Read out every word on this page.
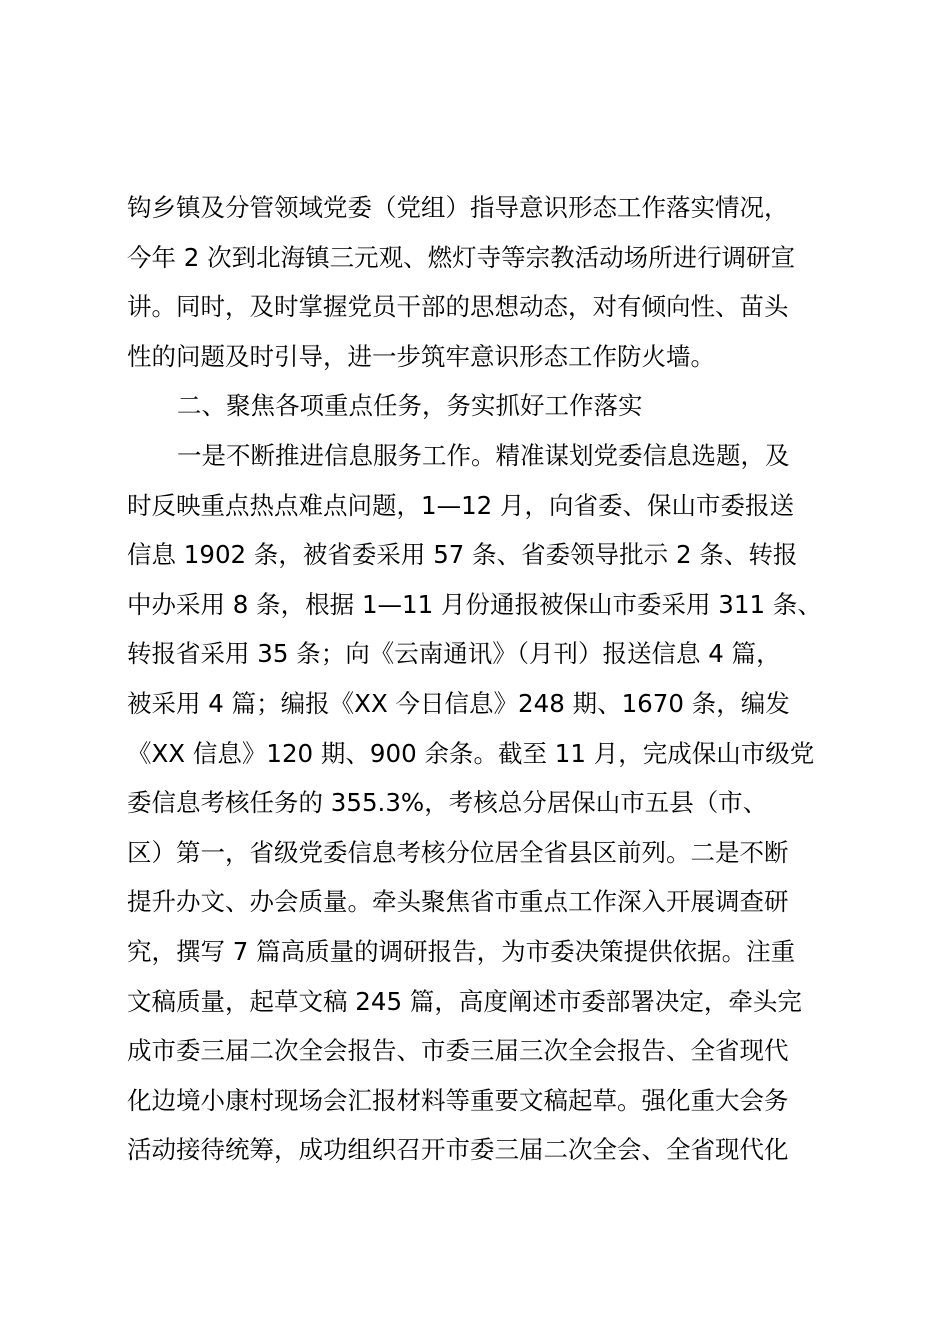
钩乡镇及分管领域党委（党组）指导意识形态工作落实情况，
今年 2 次到北海镇三元观、燃灯寺等宗教活动场所进行调研宣
讲。同时，及时掌握党员干部的思想动态，对有倾向性、苗头
性的问题及时引导，进一步筑牢意识形态工作防火墙。
二、聚焦各项重点任务，务实抓好工作落实
一是不断推进信息服务工作。精准谋划党委信息选题，及
时反映重点热点难点问题，1—12 月，向省委、保山市委报送
信息 1902 条，被省委采用 57 条、省委领导批示 2 条、转报
中办采用 8 条，根据 1—11 月份通报被保山市委采用 311 条、
转报省采用 35 条；向《云南通讯》（月刊）报送信息 4 篇，
被采用 4 篇；编报《XX 今日信息》248 期、1670 条，编发
《XX 信息》120 期、900 余条。截至 11 月，完成保山市级党
委信息考核任务的 355.3%，考核总分居保山市五县（市、
区）第一，省级党委信息考核分位居全省县区前列。二是不断
提升办文、办会质量。牵头聚焦省市重点工作深入开展调查研
究，撰写 7 篇高质量的调研报告，为市委决策提供依据。注重
文稿质量，起草文稿 245 篇，高度阐述市委部署决定，牵头完
成市委三届二次全会报告、市委三届三次全会报告、全省现代
化边境小康村现场会汇报材料等重要文稿起草。强化重大会务
活动接待统筹，成功组织召开市委三届二次全会、全省现代化
